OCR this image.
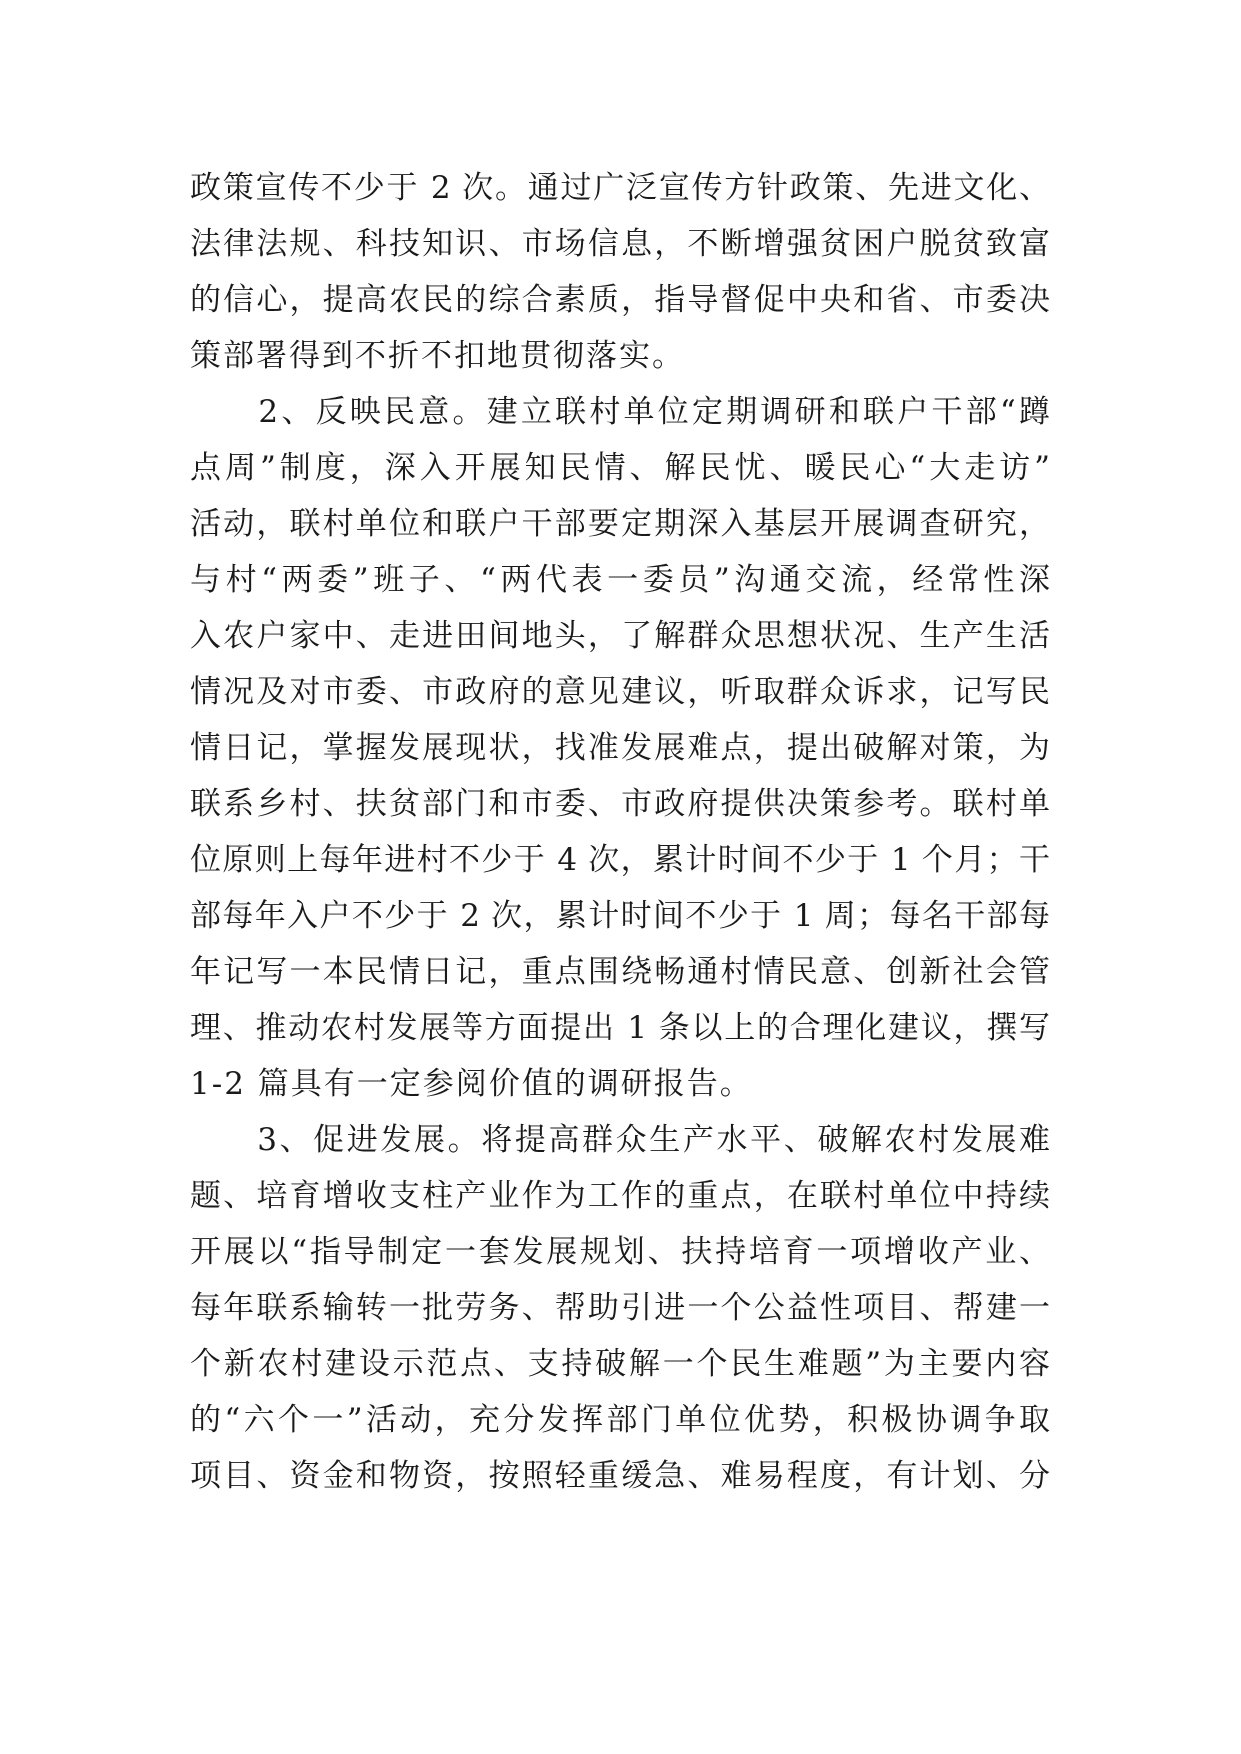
政策宣传不少于 2 次。通过广泛宣传方针政策、先进文化、
法律法规、科技知识、市场信息，不断增强贫困户脱贫致富
的信心，提高农民的综合素质，指导督促中央和省、市委决
策部署得到不折不扣地贯彻落实。
　　2、反映民意。建立联村单位定期调研和联户干部“蹲
点周”制度，深入开展知民情、解民忧、暖民心“大走访”
活动，联村单位和联户干部要定期深入基层开展调查研究，
与村“两委”班子、“两代表一委员”沟通交流，经常性深
入农户家中、走进田间地头，了解群众思想状况、生产生活
情况及对市委、市政府的意见建议，听取群众诉求，记写民
情日记，掌握发展现状，找准发展难点，提出破解对策，为
联系乡村、扶贫部门和市委、市政府提供决策参考。联村单
位原则上每年进村不少于 4 次，累计时间不少于 1 个月；干
部每年入户不少于 2 次，累计时间不少于 1 周；每名干部每
年记写一本民情日记，重点围绕畅通村情民意、创新社会管
理、推动农村发展等方面提出 1 条以上的合理化建议，撰写
1-2 篇具有一定参阅价值的调研报告。
　　3、促进发展。将提高群众生产水平、破解农村发展难
题、培育增收支柱产业作为工作的重点，在联村单位中持续
开展以“指导制定一套发展规划、扶持培育一项增收产业、
每年联系输转一批劳务、帮助引进一个公益性项目、帮建一
个新农村建设示范点、支持破解一个民生难题”为主要内容
的“六个一”活动，充分发挥部门单位优势，积极协调争取
项目、资金和物资，按照轻重缓急、难易程度，有计划、分
